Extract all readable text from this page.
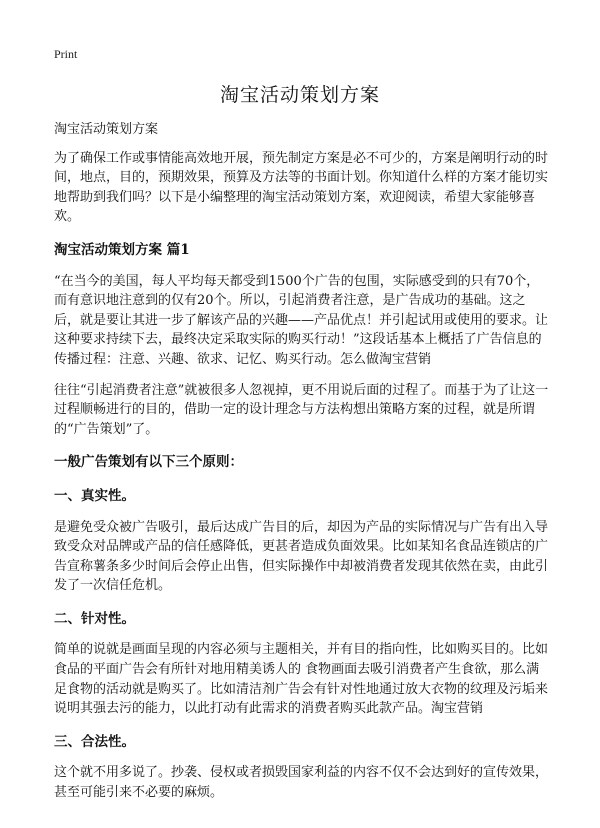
Print
淘宝活动策划方案

淘宝活动策划方案

为了确保工作或事情能高效地开展，预先制定方案是必不可少的，方案是阐明行动的时间，地点，目的，预期效果，预算及方法等的书面计划。你知道什么样的方案才能切实地帮助到我们吗？以下是小编整理的淘宝活动策划方案，欢迎阅读，希望大家能够喜欢。

淘宝活动策划方案 篇1

“在当今的美国，每人平均每天都受到1500个广告的包围，实际感受到的只有70个，而有意识地注意到的仅有20个。所以，引起消费者注意，是广告成功的基础。这之后，就是要让其进一步了解该产品的兴趣——产品优点！并引起试用或使用的要求。让这种要求持续下去，最终决定采取实际的购买行动！”这段话基本上概括了广告信息的传播过程：注意、兴趣、欲求、记忆、购买行动。怎么做淘宝营销

往往“引起消费者注意”就被很多人忽视掉，更不用说后面的过程了。而基于为了让这一过程顺畅进行的目的，借助一定的设计理念与方法构想出策略方案的过程，就是所谓的“广告策划”了。

一般广告策划有以下三个原则：
一、真实性。

是避免受众被广告吸引，最后达成广告目的后，却因为产品的实际情况与广告有出入导致受众对品牌或产品的信任感降低，更甚者造成负面效果。比如某知名食品连锁店的广告宣称薯条多少时间后会停止出售，但实际操作中却被消费者发现其依然在卖，由此引发了一次信任危机。

二、针对性。

简单的说就是画面呈现的内容必须与主题相关，并有目的指向性，比如购买目的。比如食品的平面广告会有所针对地用精美诱人的 食物画面去吸引消费者产生食欲，那么满足食物的活动就是购买了。比如清洁剂广告会有针对性地通过放大衣物的纹理及污垢来说明其强去污的能力，以此打动有此需求的消费者购买此款产品。淘宝营销

三、合法性。

这个就不用多说了。抄袭、侵权或者损毁国家利益的内容不仅不会达到好的宣传效果，甚至可能引来不必要的麻烦。
